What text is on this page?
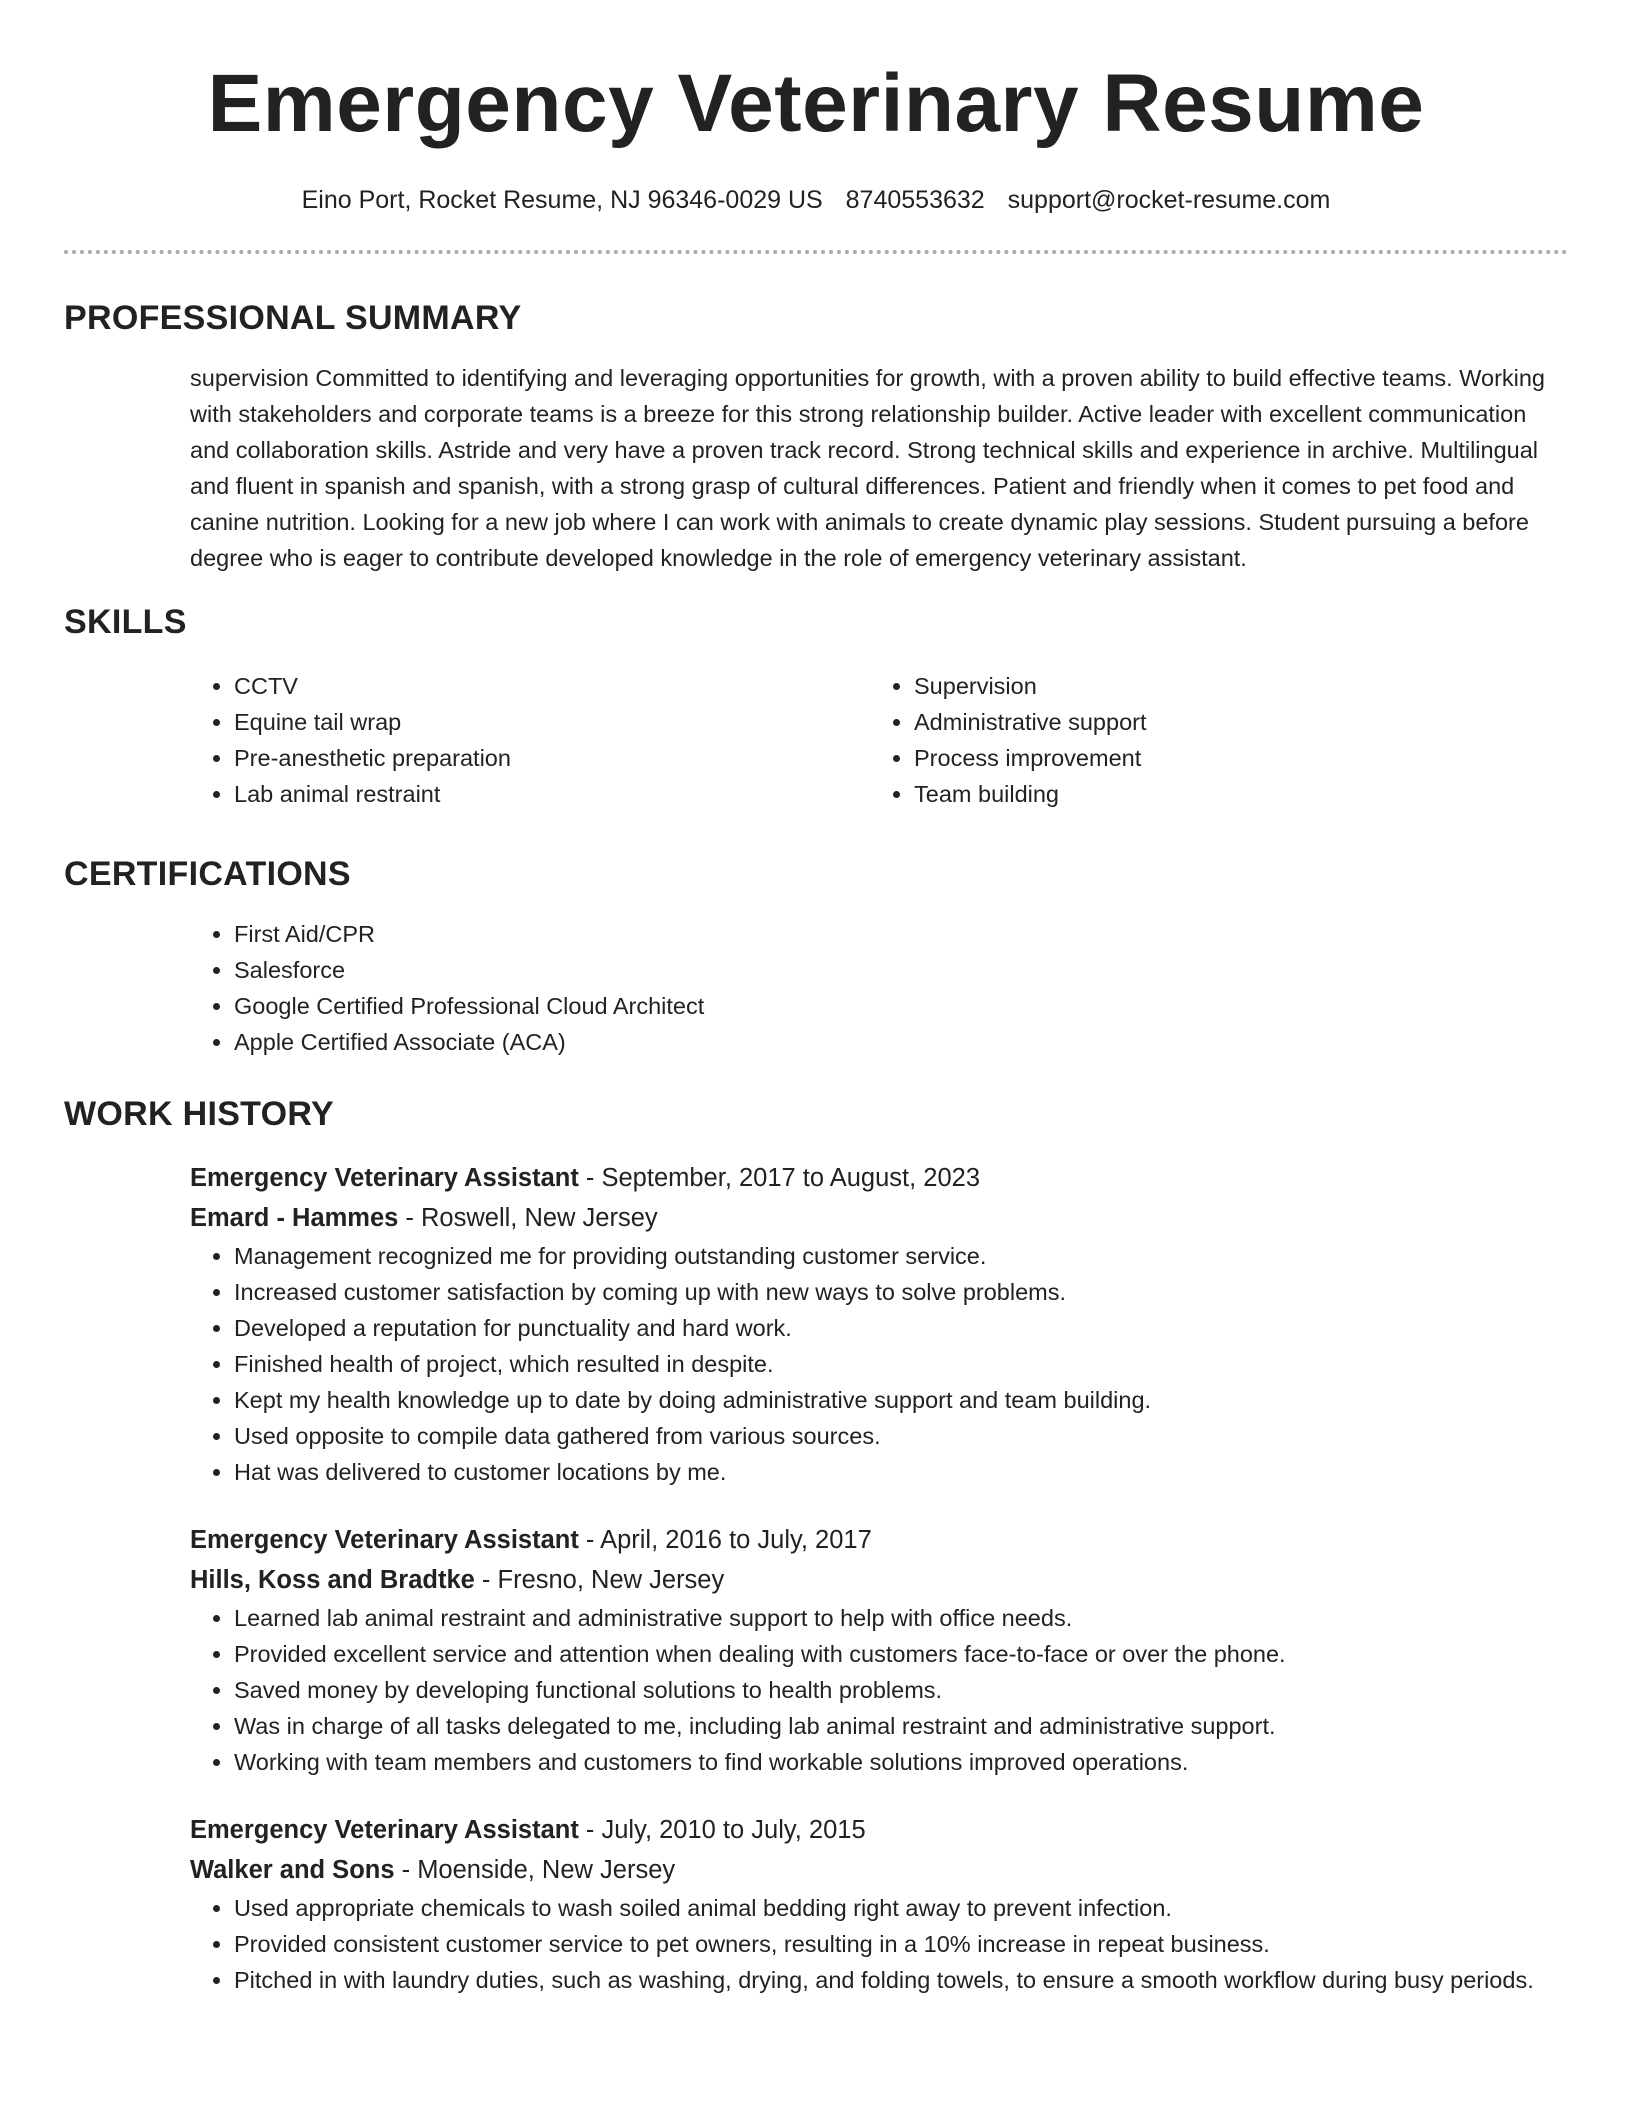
Emergency Veterinary Resume
Eino Port, Rocket Resume, NJ 96346-0029 US 8740553632 support@rocket-resume.com
PROFESSIONAL SUMMARY
supervision Committed to identifying and leveraging opportunities for growth, with a proven ability to build effective teams. Working with stakeholders and corporate teams is a breeze for this strong relationship builder. Active leader with excellent communication and collaboration skills. Astride and very have a proven track record. Strong technical skills and experience in archive. Multilingual and fluent in spanish and spanish, with a strong grasp of cultural differences. Patient and friendly when it comes to pet food and canine nutrition. Looking for a new job where I can work with animals to create dynamic play sessions. Student pursuing a before degree who is eager to contribute developed knowledge in the role of emergency veterinary assistant.
SKILLS
• CCTV
• Equine tail wrap
• Pre-anesthetic preparation
• Lab animal restraint
• Supervision
• Administrative support
• Process improvement
• Team building
CERTIFICATIONS
• First Aid/CPR
• Salesforce
• Google Certified Professional Cloud Architect
• Apple Certified Associate (ACA)
WORK HISTORY
Emergency Veterinary Assistant - September, 2017 to August, 2023
Emard - Hammes - Roswell, New Jersey
• Management recognized me for providing outstanding customer service.
• Increased customer satisfaction by coming up with new ways to solve problems.
• Developed a reputation for punctuality and hard work.
• Finished health of project, which resulted in despite.
• Kept my health knowledge up to date by doing administrative support and team building.
• Used opposite to compile data gathered from various sources.
• Hat was delivered to customer locations by me.
Emergency Veterinary Assistant - April, 2016 to July, 2017
Hills, Koss and Bradtke - Fresno, New Jersey
• Learned lab animal restraint and administrative support to help with office needs.
• Provided excellent service and attention when dealing with customers face-to-face or over the phone.
• Saved money by developing functional solutions to health problems.
• Was in charge of all tasks delegated to me, including lab animal restraint and administrative support.
• Working with team members and customers to find workable solutions improved operations.
Emergency Veterinary Assistant - July, 2010 to July, 2015
Walker and Sons - Moenside, New Jersey
• Used appropriate chemicals to wash soiled animal bedding right away to prevent infection.
• Provided consistent customer service to pet owners, resulting in a 10% increase in repeat business.
• Pitched in with laundry duties, such as washing, drying, and folding towels, to ensure a smooth workflow during busy periods.
